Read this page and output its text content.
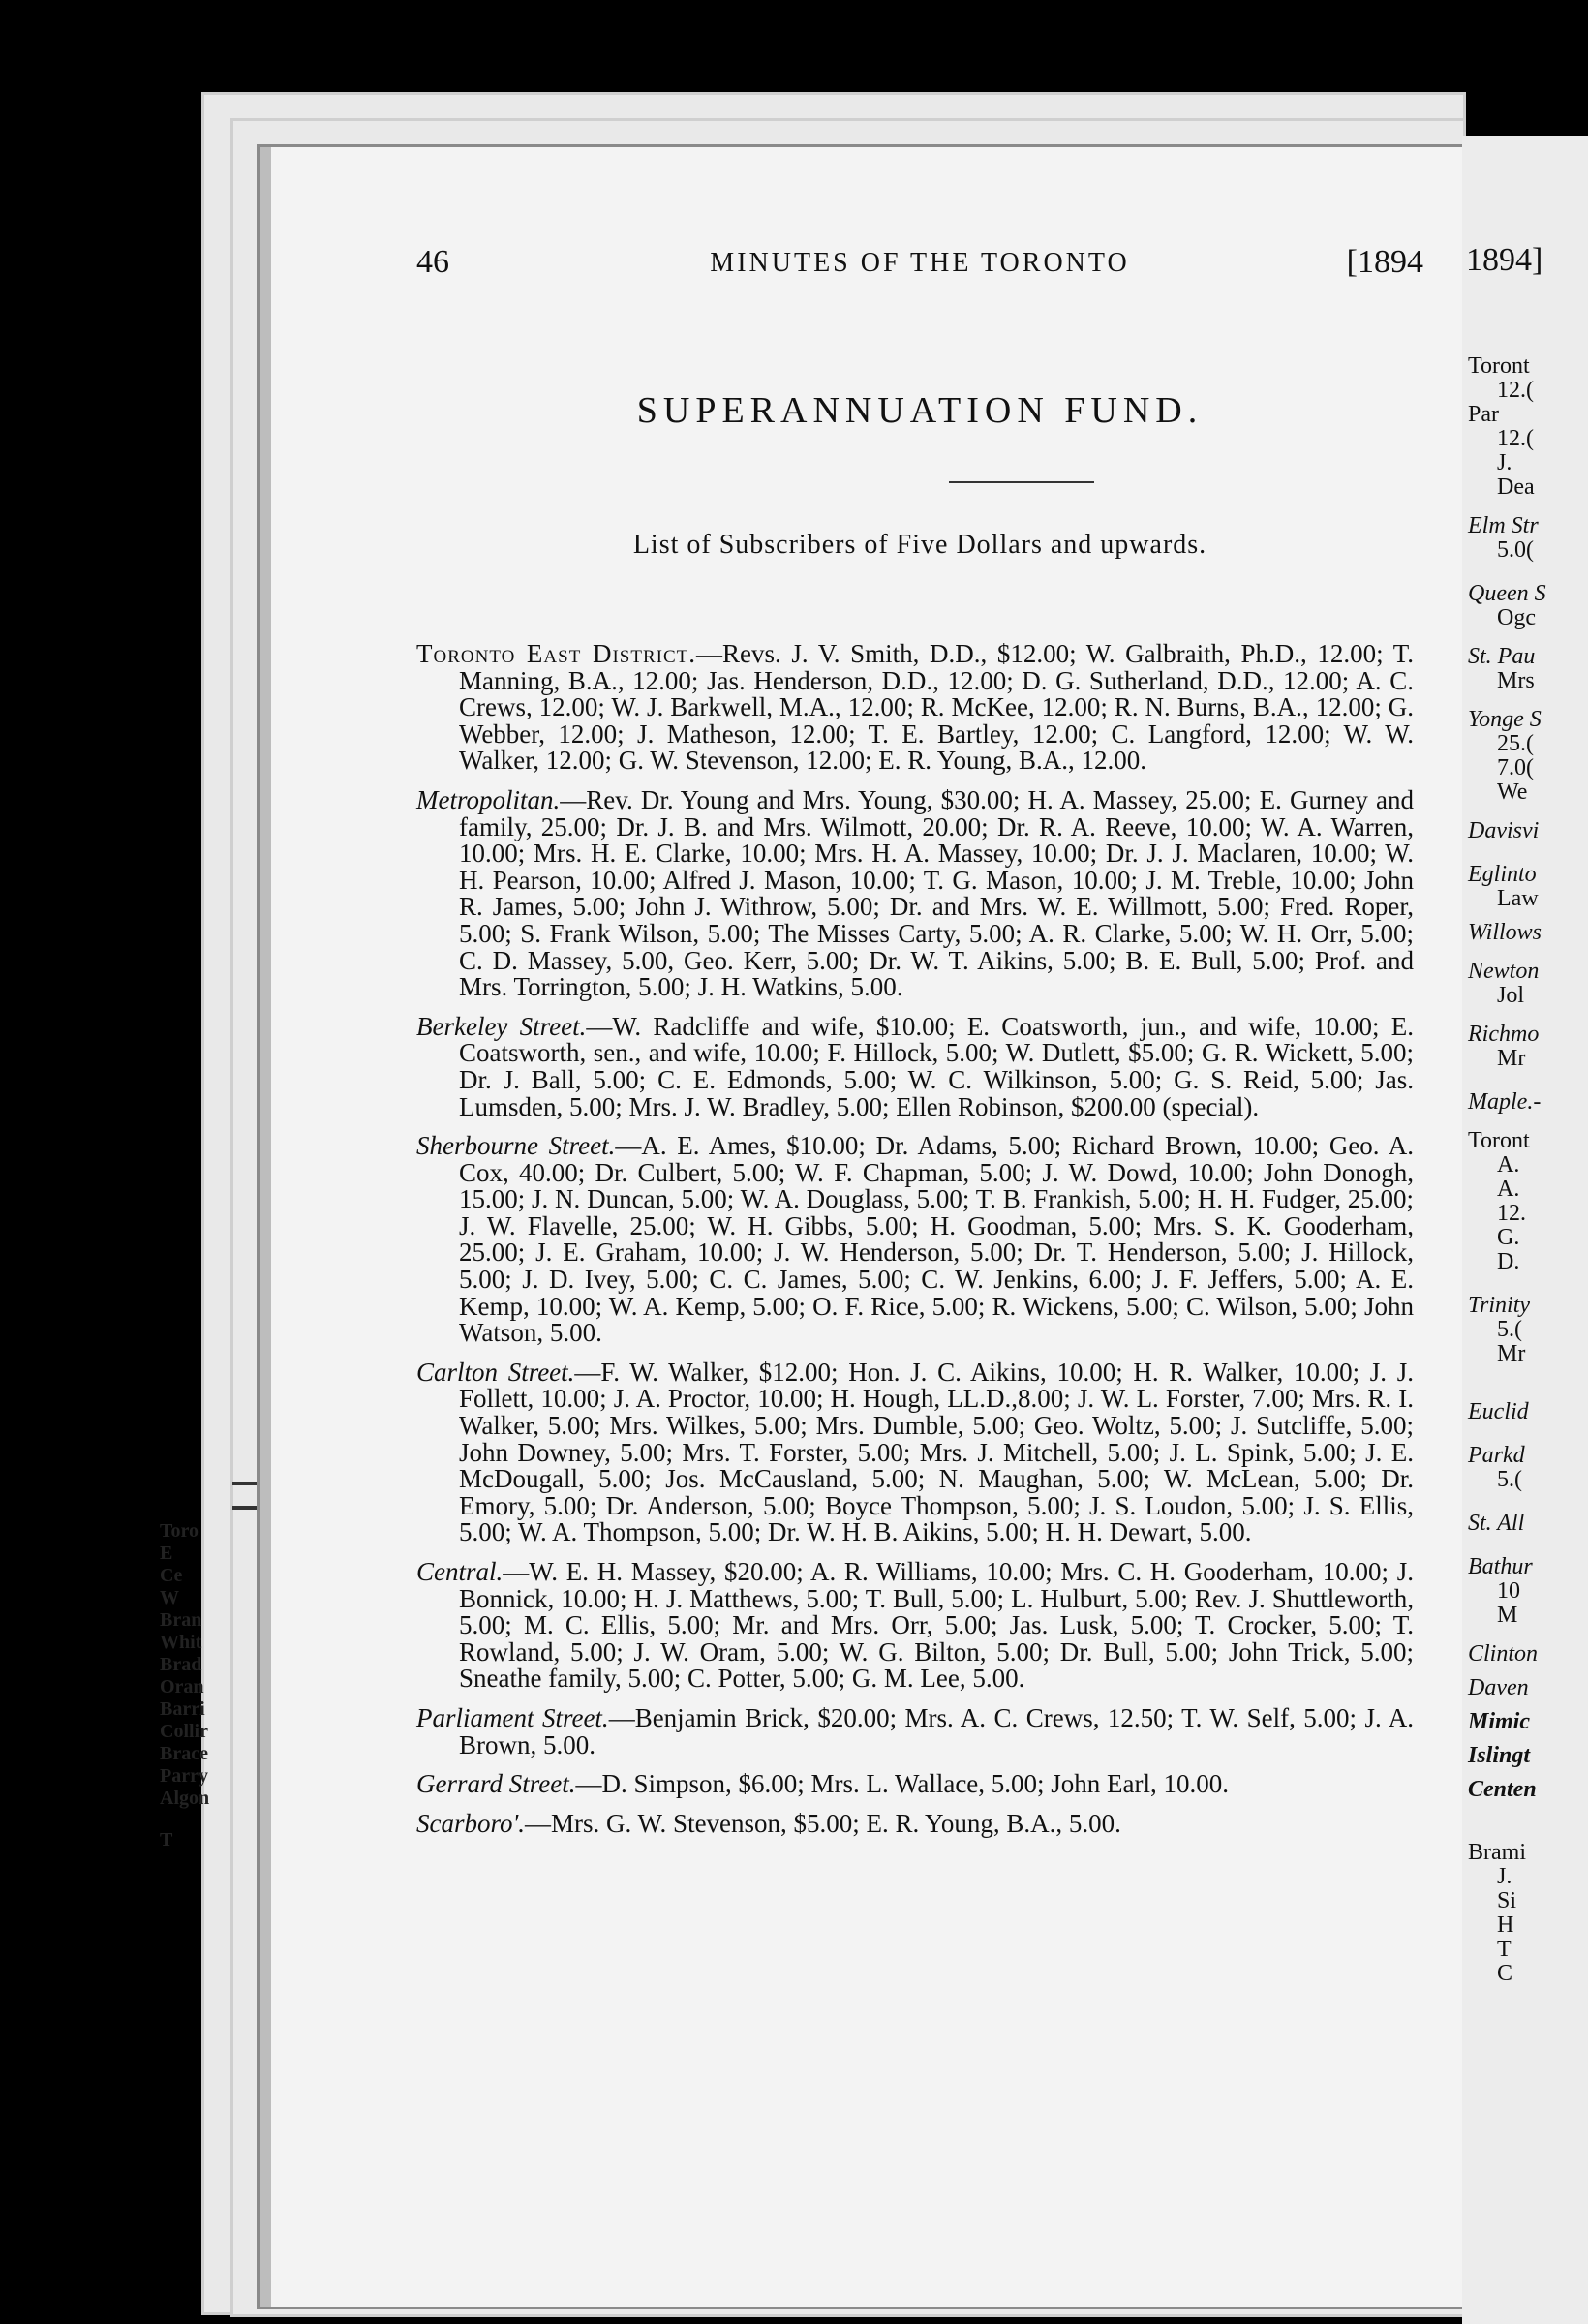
Toro
E
Ce
W
Bran
Whit
Brad
Oran
Barri
Collir
Brace
Parry
Algon
T
46	MINUTES OF THE TORONTO	[1894
SUPERANNUATION FUND.
List of Subscribers of Five Dollars and upwards.

Toronto East District.—Revs. J. V. Smith, D.D., $12.00; W. Galbraith, Ph.D., 12.00; T. Manning, B.A., 12.00; Jas. Henderson, D.D., 12.00; D. G. Sutherland, D.D., 12.00; A. C. Crews, 12.00; W. J. Barkwell, M.A., 12.00; R. McKee, 12.00; R. N. Burns, B.A., 12.00; G. Webber, 12.00; J. Matheson, 12.00; T. E. Bartley, 12.00; C. Langford, 12.00; W. W. Walker, 12.00; G. W. Stevenson, 12.00; E. R. Young, B.A., 12.00.

Metropolitan.—Rev. Dr. Young and Mrs. Young, $30.00; H. A. Massey, 25.00; E. Gurney and family, 25.00; Dr. J. B. and Mrs. Wilmott, 20.00; Dr. R. A. Reeve, 10.00; W. A. Warren, 10.00; Mrs. H. E. Clarke, 10.00; Mrs. H. A. Massey, 10.00; Dr. J. J. Maclaren, 10.00; W. H. Pearson, 10.00; Alfred J. Mason, 10.00; T. G. Mason, 10.00; J. M. Treble, 10.00; John R. James, 5.00; John J. Withrow, 5.00; Dr. and Mrs. W. E. Willmott, 5.00; Fred. Roper, 5.00; S. Frank Wilson, 5.00; The Misses Carty, 5.00; A. R. Clarke, 5.00; W. H. Orr, 5.00; C. D. Massey, 5.00, Geo. Kerr, 5.00; Dr. W. T. Aikins, 5.00; B. E. Bull, 5.00; Prof. and Mrs. Torrington, 5.00; J. H. Watkins, 5.00.

Berkeley Street.—W. Radcliffe and wife, $10.00; E. Coatsworth, jun., and wife, 10.00; E. Coatsworth, sen., and wife, 10.00; F. Hillock, 5.00; W. Dutlett, $5.00; G. R. Wickett, 5.00; Dr. J. Ball, 5.00; C. E. Edmonds, 5.00; W. C. Wilkinson, 5.00; G. S. Reid, 5.00; Jas. Lumsden, 5.00; Mrs. J. W. Bradley, 5.00; Ellen Robinson, $200.00 (special).

Sherbourne Street.—A. E. Ames, $10.00; Dr. Adams, 5.00; Richard Brown, 10.00; Geo. A. Cox, 40.00; Dr. Culbert, 5.00; W. F. Chapman, 5.00; J. W. Dowd, 10.00; John Donogh, 15.00; J. N. Duncan, 5.00; W. A. Douglass, 5.00; T. B. Frankish, 5.00; H. H. Fudger, 25.00; J. W. Flavelle, 25.00; W. H. Gibbs, 5.00; H. Goodman, 5.00; Mrs. S. K. Gooderham, 25.00; J. E. Graham, 10.00; J. W. Henderson, 5.00; Dr. T. Henderson, 5.00; J. Hillock, 5.00; J. D. Ivey, 5.00; C. C. James, 5.00; C. W. Jenkins, 6.00; J. F. Jeffers, 5.00; A. E. Kemp, 10.00; W. A. Kemp, 5.00; O. F. Rice, 5.00; R. Wickens, 5.00; C. Wilson, 5.00; John Watson, 5.00.

Carlton Street.—F. W. Walker, $12.00; Hon. J. C. Aikins, 10.00; H. R. Walker, 10.00; J. J. Follett, 10.00; J. A. Proctor, 10.00; H. Hough, LL.D.,8.00; J. W. L. Forster, 7.00; Mrs. R. I. Walker, 5.00; Mrs. Wilkes, 5.00; Mrs. Dumble, 5.00; Geo. Woltz, 5.00; J. Sutcliffe, 5.00; John Downey, 5.00; Mrs. T. Forster, 5.00; Mrs. J. Mitchell, 5.00; J. L. Spink, 5.00; J. E. McDougall, 5.00; Jos. McCausland, 5.00; N. Maughan, 5.00; W. McLean, 5.00; Dr. Emory, 5.00; Dr. Anderson, 5.00; Boyce Thompson, 5.00; J. S. Loudon, 5.00; J. S. Ellis, 5.00; W. A. Thompson, 5.00; Dr. W. H. B. Aikins, 5.00; H. H. Dewart, 5.00.

Central.—W. E. H. Massey, $20.00; A. R. Williams, 10.00; Mrs. C. H. Gooderham, 10.00; J. Bonnick, 10.00; H. J. Matthews, 5.00; T. Bull, 5.00; L. Hulburt, 5.00; Rev. J. Shuttleworth, 5.00; M. C. Ellis, 5.00; Mr. and Mrs. Orr, 5.00; Jas. Lusk, 5.00; T. Crocker, 5.00; T. Rowland, 5.00; J. W. Oram, 5.00; W. G. Bilton, 5.00; Dr. Bull, 5.00; John Trick, 5.00; Sneathe family, 5.00; C. Potter, 5.00; G. M. Lee, 5.00.

Parliament Street.—Benjamin Brick, $20.00; Mrs. A. C. Crews, 12.50; T. W. Self, 5.00; J. A. Brown, 5.00.

Gerrard Street.—D. Simpson, $6.00; Mrs. L. Wallace, 5.00; John Earl, 10.00.

Scarboro'.—Mrs. G. W. Stevenson, $5.00; E. R. Young, B.A., 5.00.

1894]
Toront
12.(
Par
12.(
J.
Dea
Elm Str
5.0(
Queen S
Ogc
St. Pau
Mrs
Yonge S
25.(
7.0(
We
Davisvi
Eglinto
Law
Willows
Newton
Jol
Richmo
Mr
Maple.-
Toront
A.
A.
12.
G.
D.
Trinity
5.(
Mr
Euclid
Parkd
5.(
St. All
Bathur
10
M
Clinton
Daven
Mimic
Islingt
Centen
Brami
J.
Si
H
T
C
